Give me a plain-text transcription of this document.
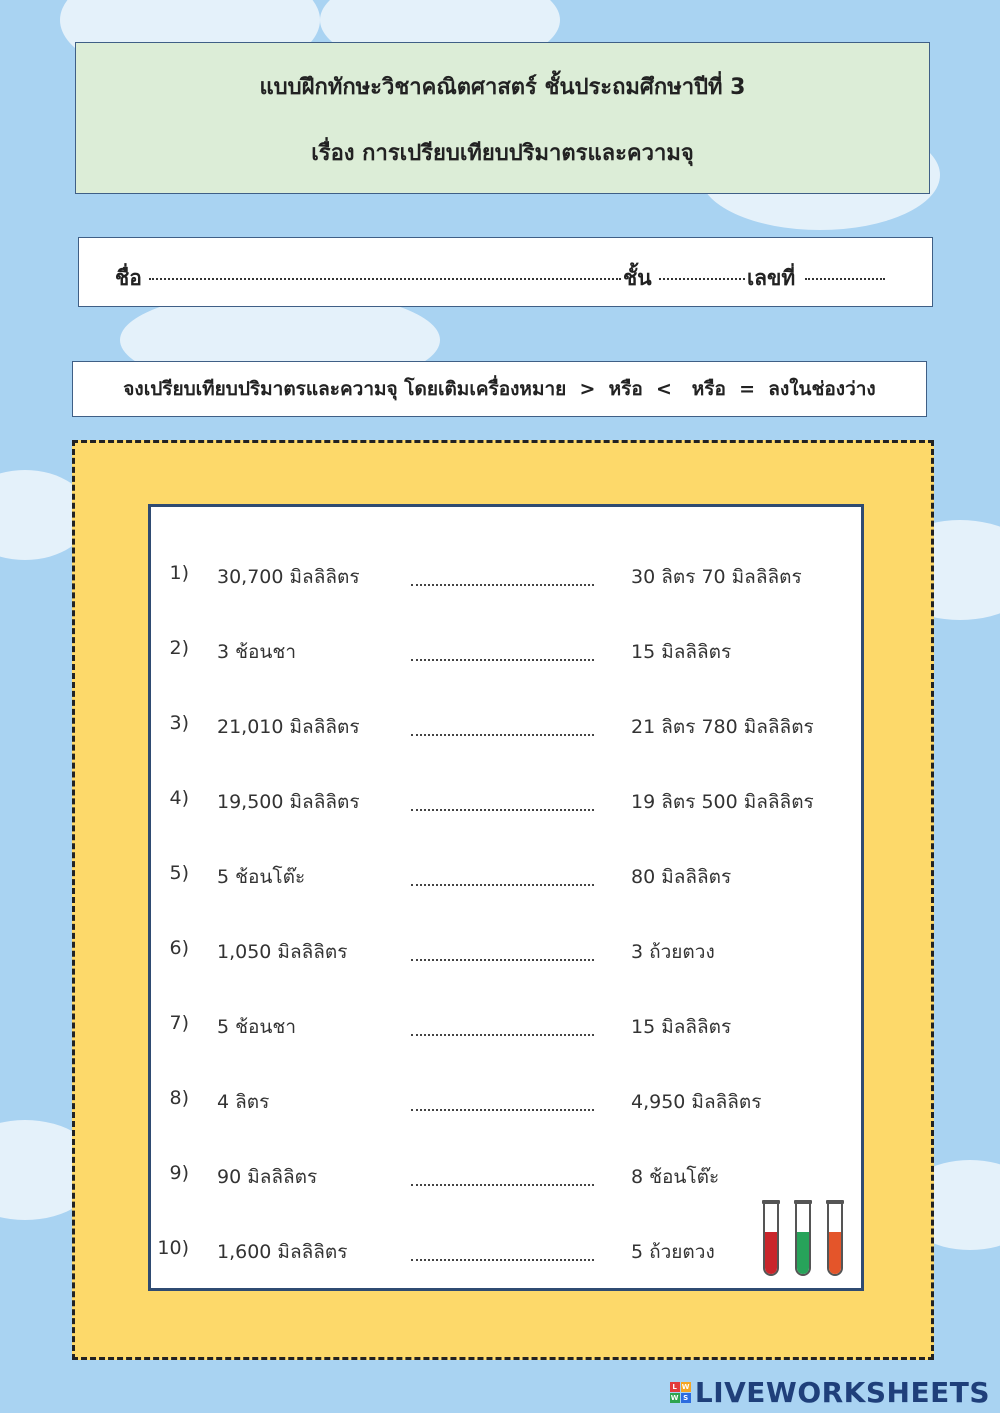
แบบฝึกทักษะวิชาคณิตศาสตร์ ชั้นประถมศึกษาปีที่ 3
เรื่อง การเปรียบเทียบปริมาตรและความจุ
ชื่อ	ชั้น	เลขที่
จงเปรียบเทียบปริมาตรและความจุ โดยเติมเครื่องหมาย  >  หรือ  <   หรือ  =  ลงในช่องว่าง
1) 30,700 มิลลิลิตร	30 ลิตร 70 มิลลิลิตร
2) 3 ช้อนชา	15 มิลลิลิตร
3) 21,010 มิลลิลิตร	21 ลิตร 780 มิลลิลิตร
4) 19,500 มิลลิลิตร	19 ลิตร 500 มิลลิลิตร
5) 5 ช้อนโต๊ะ	80 มิลลิลิตร
6) 1,050 มิลลิลิตร	3 ถ้วยตวง
7) 5 ช้อนชา	15 มิลลิลิตร
8) 4 ลิตร	4,950 มิลลิลิตร
9) 90 มิลลิลิตร	8 ช้อนโต๊ะ
10) 1,600 มิลลิลิตร	5 ถ้วยตวง
L W
W S LIVEWORKSHEETS
